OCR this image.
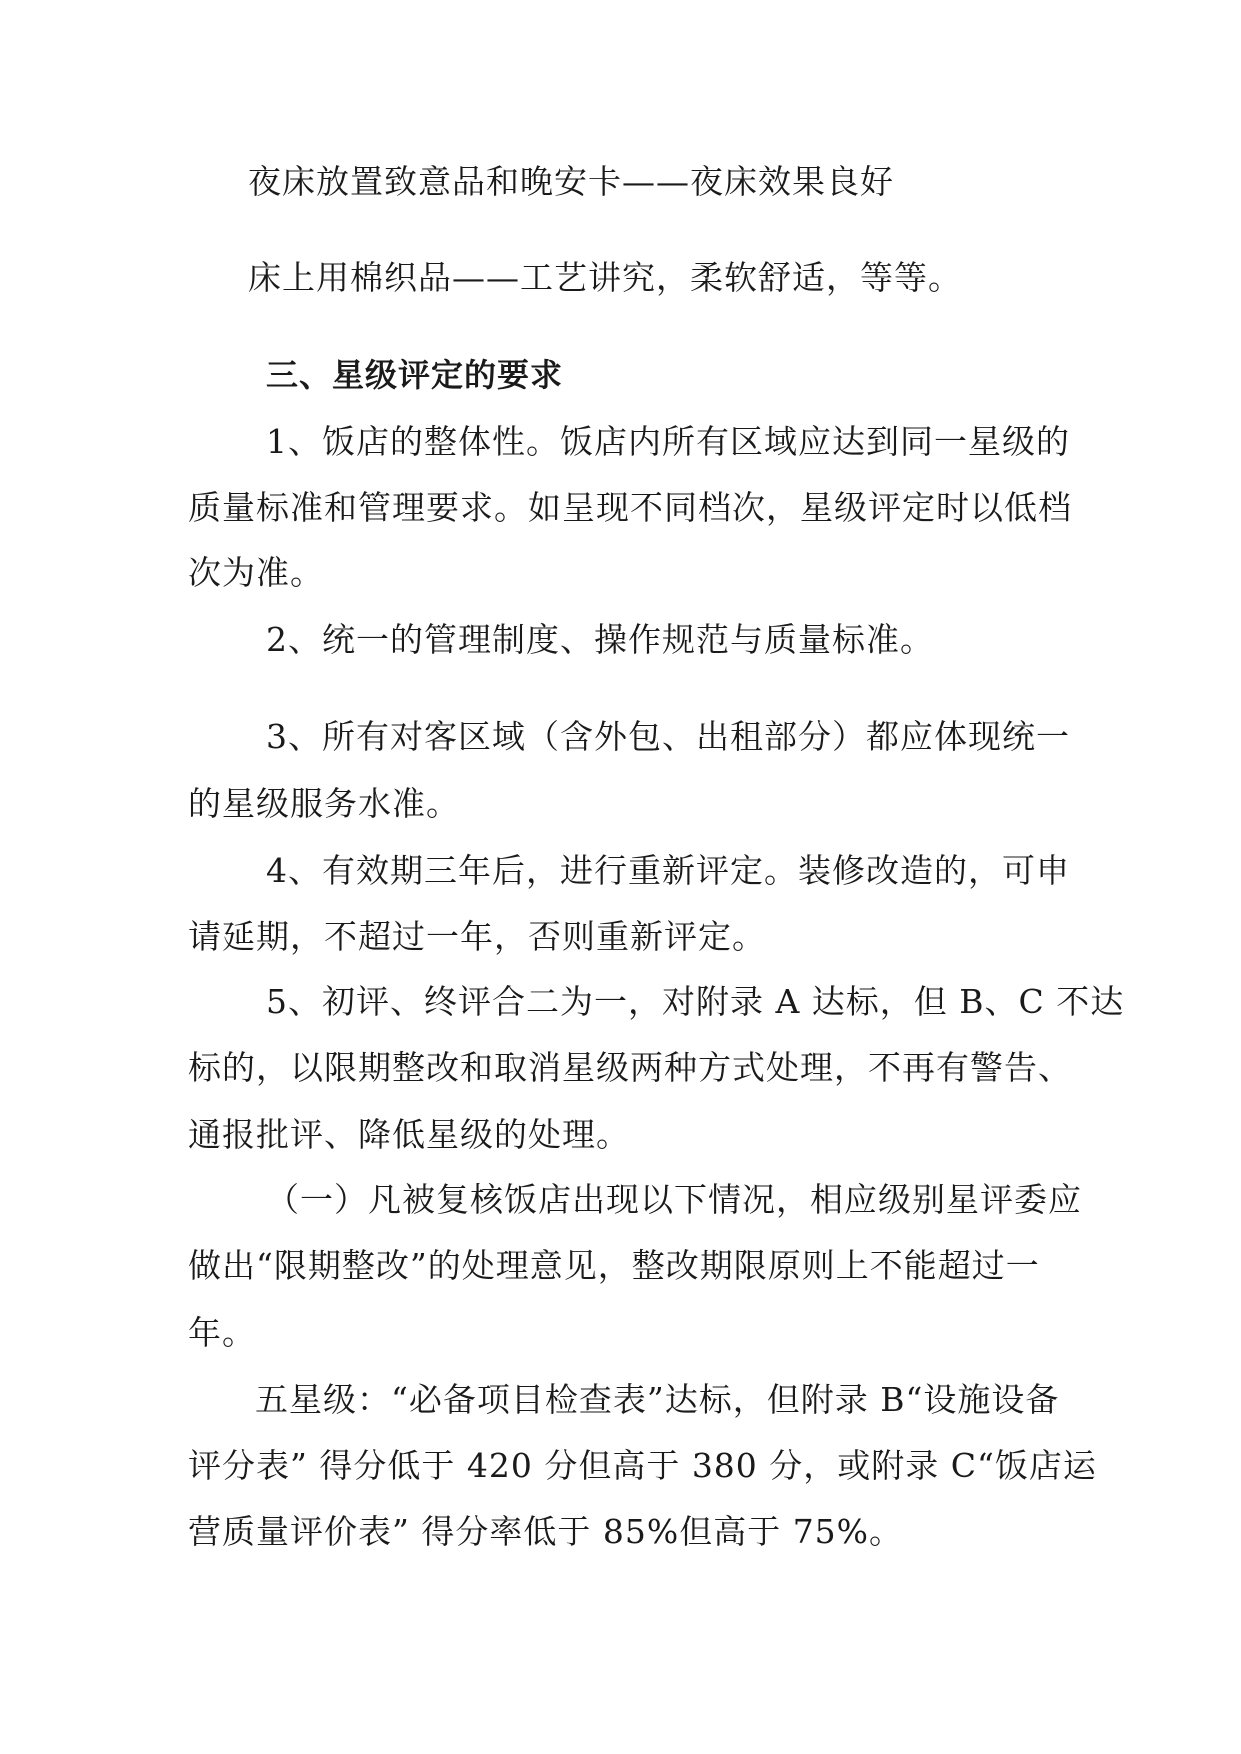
夜床放置致意品和晚安卡——夜床效果良好
床上用棉织品——工艺讲究，柔软舒适，等等。
三、星级评定的要求
1、饭店的整体性。饭店内所有区域应达到同一星级的
质量标准和管理要求。如呈现不同档次，星级评定时以低档
次为准。
2、统一的管理制度、操作规范与质量标准。
3、所有对客区域（含外包、出租部分）都应体现统一
的星级服务水准。
4、有效期三年后，进行重新评定。装修改造的，可申
请延期，不超过一年，否则重新评定。
5、初评、终评合二为一，对附录 A 达标，但 B、C 不达
标的，以限期整改和取消星级两种方式处理，不再有警告、
通报批评、降低星级的处理。
（一）凡被复核饭店出现以下情况，相应级别星评委应
做出“限期整改”的处理意见，整改期限原则上不能超过一
年。
五星级：“必备项目检查表”达标，但附录 B“设施设备
评分表” 得分低于 420 分但高于 380 分，或附录 C“饭店运
营质量评价表” 得分率低于 85%但高于 75%。
